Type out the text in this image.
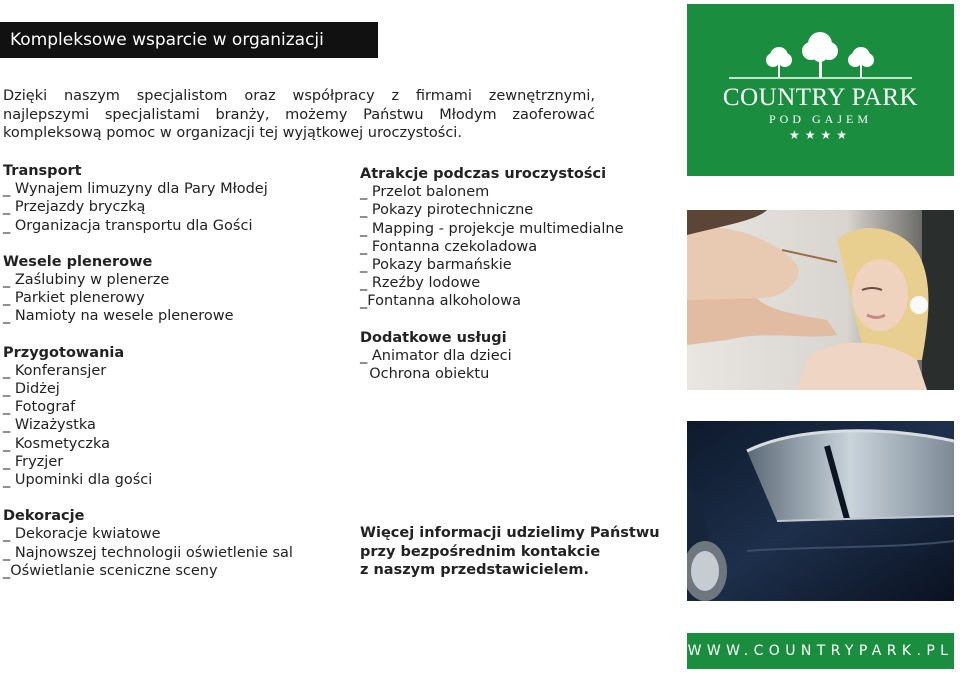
Kompleksowe wsparcie w organizacji
Dzięki naszym specjalistom oraz współpracy z firmami zewnętrznymi, najlepszymi specjalistami branży, możemy Państwu Młodym zaoferować kompleksową pomoc w organizacji tej wyjątkowej uroczystości.
Transport
_ Wynajem limuzyny dla Pary Młodej
_ Przejazdy bryczką
_ Organizacja transportu dla Gości
Wesele plenerowe
_ Zaślubiny w plenerze
_ Parkiet plenerowy
_ Namioty na wesele plenerowe
Przygotowania
_ Konferansjer
_ Didżej
_ Fotograf
_ Wizażystka
_ Kosmetyczka
_ Fryzjer
_ Upominki dla gości
Dekoracje
_ Dekoracje kwiatowe
_ Najnowszej technologii oświetlenie sal
_Oświetlanie sceniczne sceny
Atrakcje podczas uroczystości
_ Przelot balonem
_ Pokazy pirotechniczne
_ Mapping - projekcje multimedialne
_ Fontanna czekoladowa
_ Pokazy barmańskie
_ Rzeźby lodowe
_Fontanna alkoholowa
Dodatkowe usługi
_ Animator dla dzieci
Ochrona obiektu
Więcej informacji udzielimy Państwu
przy bezpośrednim kontakcie
z naszym przedstawicielem.
COUNTRY PARK
POD GAJEM
★★★★
WWW.COUNTRYPARK.PL
